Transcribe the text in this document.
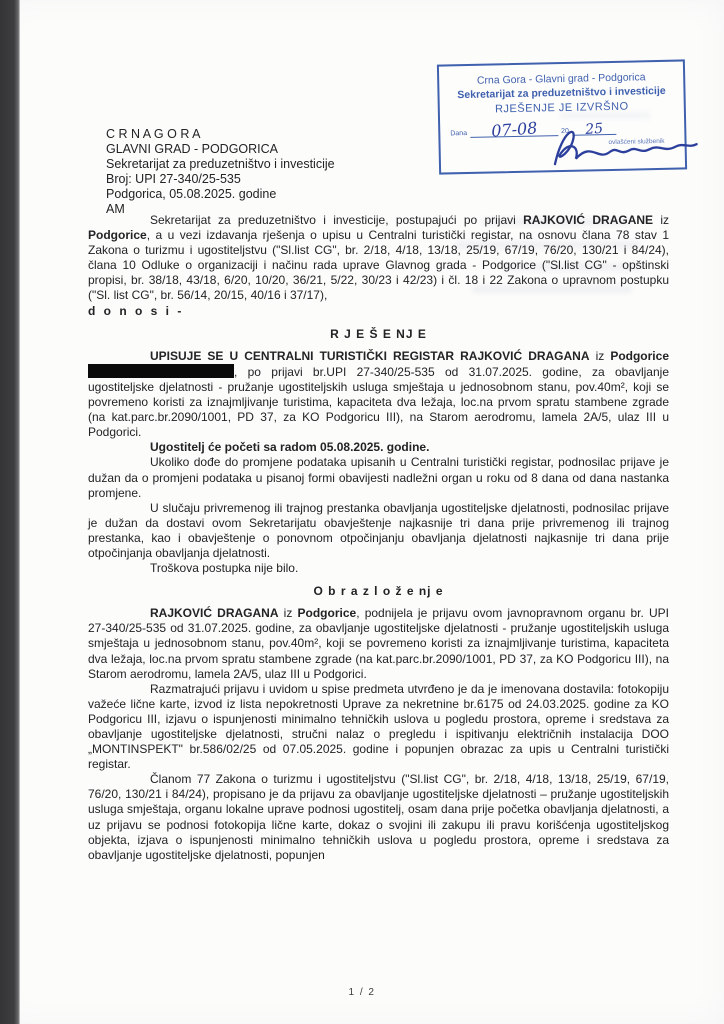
C R N A G O R A
GLAVNI GRAD - PODGORICA
Sekretarijat za preduzetništvo i investicije
Broj: UPI 27-340/25-535
Podgorica, 05.08.2025. godine
AM
Crna Gora - Glavni grad - Podgorica
Sekretarijat za preduzetništvo i investicije
RJEŠENJE JE IZVRŠNO
Dana	07-08	20	25
ovlašćeni službenik

Sekretarijat za preduzetništvo i investicije, postupajući po prijavi RAJKOVIĆ DRAGANE iz Podgorice, a u vezi izdavanja rješenja o upisu u Centralni turistički registar, na osnovu člana 78 stav 1 Zakona o turizmu i ugostiteljstvu ("Sl.list CG", br. 2/18, 4/18, 13/18, 25/19, 67/19, 76/20, 130/21 i 84/24), člana 10 Odluke o organizaciji i načinu rada uprave Glavnog grada - Podgorice ("Sl.list CG" - opštinski propisi, br. 38/18, 43/18, 6/20, 10/20, 36/21, 5/22, 30/23 i 42/23) i čl. 18 i 22 Zakona o upravnom postupku ("Sl. list CG", br. 56/14, 20/15, 40/16 i 37/17),

d o n o s i -

R J E Š E NJ E

UPISUJE SE U CENTRALNI TURISTIČKI REGISTAR RAJKOVIĆ DRAGANA iz Podgorice , po prijavi br.UPI 27-340/25-535 od 31.07.2025. godine, za obavljanje ugostiteljske djelatnosti - pružanje ugostiteljskih usluga smještaja u jednosobnom stanu, pov.40m², koji se povremeno koristi za iznajmljivanje turistima, kapaciteta dva ležaja, loc.na prvom spratu stambene zgrade (na kat.parc.br.2090/1001, PD 37, za KO Podgoricu III), na Starom aerodromu, lamela 2A/5, ulaz III u Podgorici.

Ugostitelj će početi sa radom 05.08.2025. godine.

Ukoliko dođe do promjene podataka upisanih u Centralni turistički registar, podnosilac prijave je dužan da o promjeni podataka u pisanoj formi obavijesti nadležni organ u roku od 8 dana od dana nastanka promjene.

U slučaju privremenog ili trajnog prestanka obavljanja ugostiteljske djelatnosti, podnosilac prijave je dužan da dostavi ovom Sekretarijatu obavještenje najkasnije tri dana prije privremenog ili trajnog prestanka, kao i obavještenje o ponovnom otpočinjanju obavljanja djelatnosti najkasnije tri dana prije otpočinjanja obavljanja djelatnosti.

Troškova postupka nije bilo.

O b r a z l o ž e nj e

RAJKOVIĆ DRAGANA iz Podgorice, podnijela je prijavu ovom javnopravnom organu br. UPI 27-340/25-535 od 31.07.2025. godine, za obavljanje ugostiteljske djelatnosti - pružanje ugostiteljskih usluga smještaja u jednosobnom stanu, pov.40m², koji se povremeno koristi za iznajmljivanje turistima, kapaciteta dva ležaja, loc.na prvom spratu stambene zgrade (na kat.parc.br.2090/1001, PD 37, za KO Podgoricu III), na Starom aerodromu, lamela 2A/5, ulaz III u Podgorici.

Razmatrajući prijavu i uvidom u spise predmeta utvrđeno je da je imenovana dostavila: fotokopiju važeće lične karte, izvod iz lista nepokretnosti Uprave za nekretnine br.6175 od 24.03.2025. godine za KO Podgoricu III, izjavu o ispunjenosti minimalno tehničkih uslova u pogledu prostora, opreme i sredstava za obavljanje ugostiteljske djelatnosti, stručni nalaz o pregledu i ispitivanju električnih instalacija DOO „MONTINSPEKT" br.586/02/25 od 07.05.2025. godine i popunjen obrazac za upis u Centralni turistički registar.

Članom 77 Zakona o turizmu i ugostiteljstvu ("Sl.list CG", br. 2/18, 4/18, 13/18, 25/19, 67/19, 76/20, 130/21 i 84/24), propisano je da prijavu za obavljanje ugostiteljske djelatnosti – pružanje ugostiteljskih usluga smještaja, organu lokalne uprave podnosi ugostitelj, osam dana prije početka obavljanja djelatnosti, a uz prijavu se podnosi fotokopija lične karte, dokaz o svojini ili zakupu ili pravu korišćenja ugostiteljskog objekta, izjava o ispunjenosti minimalno tehničkih uslova u pogledu prostora, opreme i sredstava za obavljanje ugostiteljske djelatnosti, popunjen

1 / 2
